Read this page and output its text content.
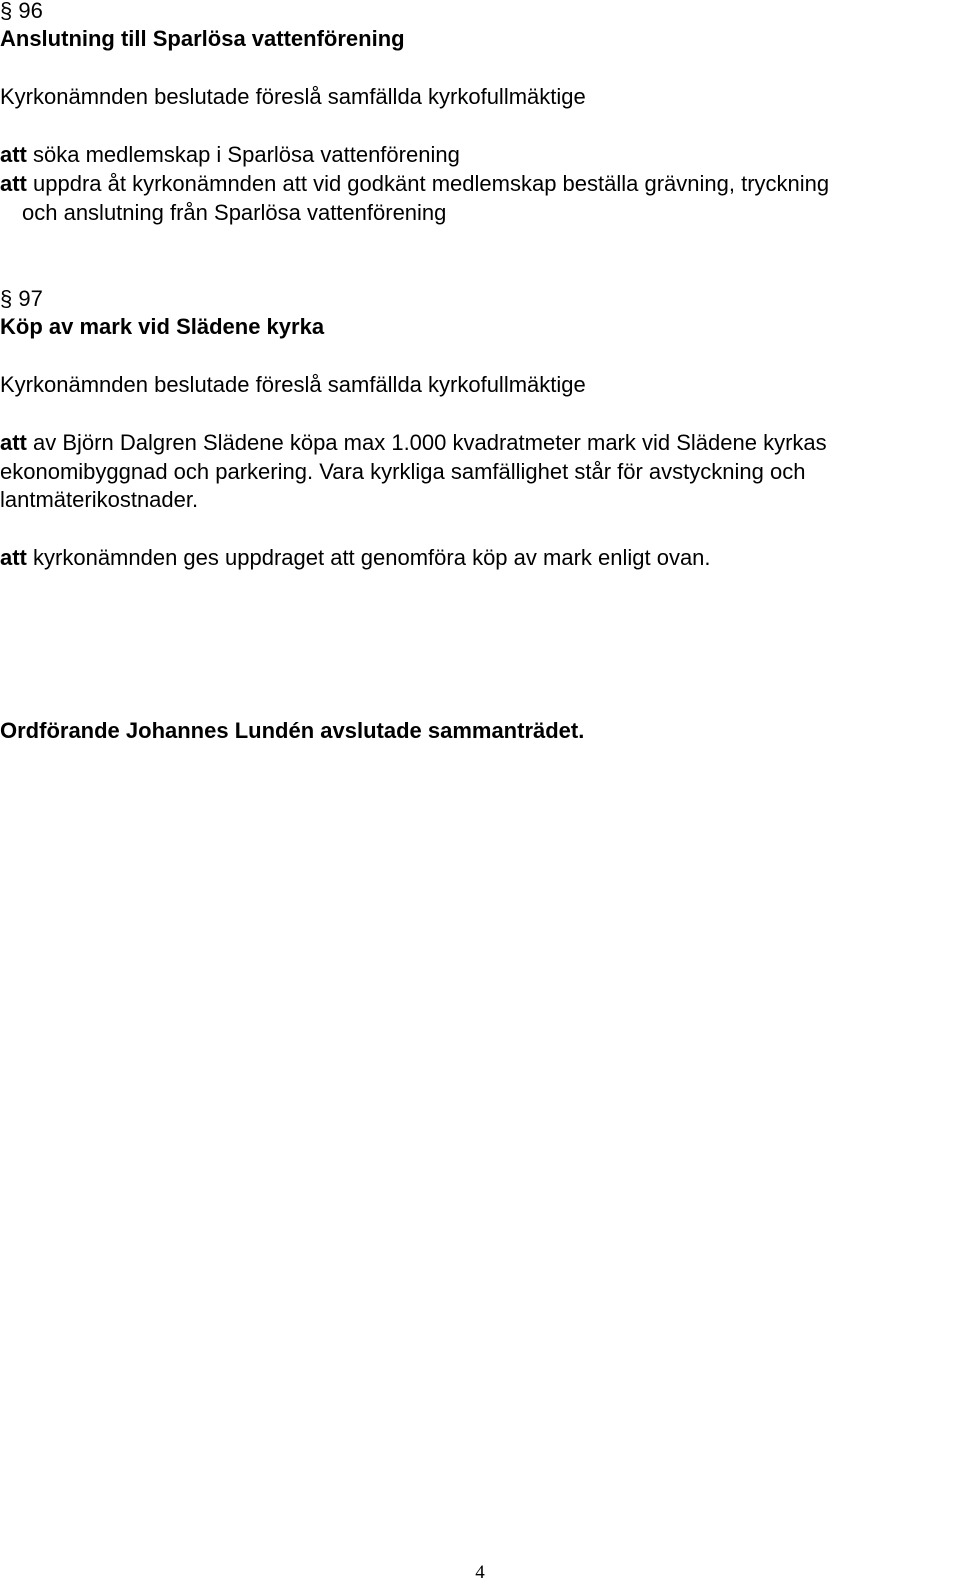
§ 96
Anslutning till Sparlösa vattenförening
Kyrkonämnden beslutade föreslå samfällda kyrkofullmäktige
att söka medlemskap i Sparlösa vattenförening
att uppdra åt kyrkonämnden att vid godkänt medlemskap beställa grävning, tryckning
och anslutning från Sparlösa vattenförening
§ 97
Köp av mark vid Slädene kyrka
Kyrkonämnden beslutade föreslå samfällda kyrkofullmäktige
att av Björn Dalgren Slädene köpa max 1.000 kvadratmeter mark vid Slädene kyrkas
ekonomibyggnad och parkering. Vara kyrkliga samfällighet står för avstyckning och
lantmäterikostnader.
att kyrkonämnden ges uppdraget att genomföra köp av mark enligt ovan.
Ordförande Johannes Lundén avslutade sammanträdet.
4
